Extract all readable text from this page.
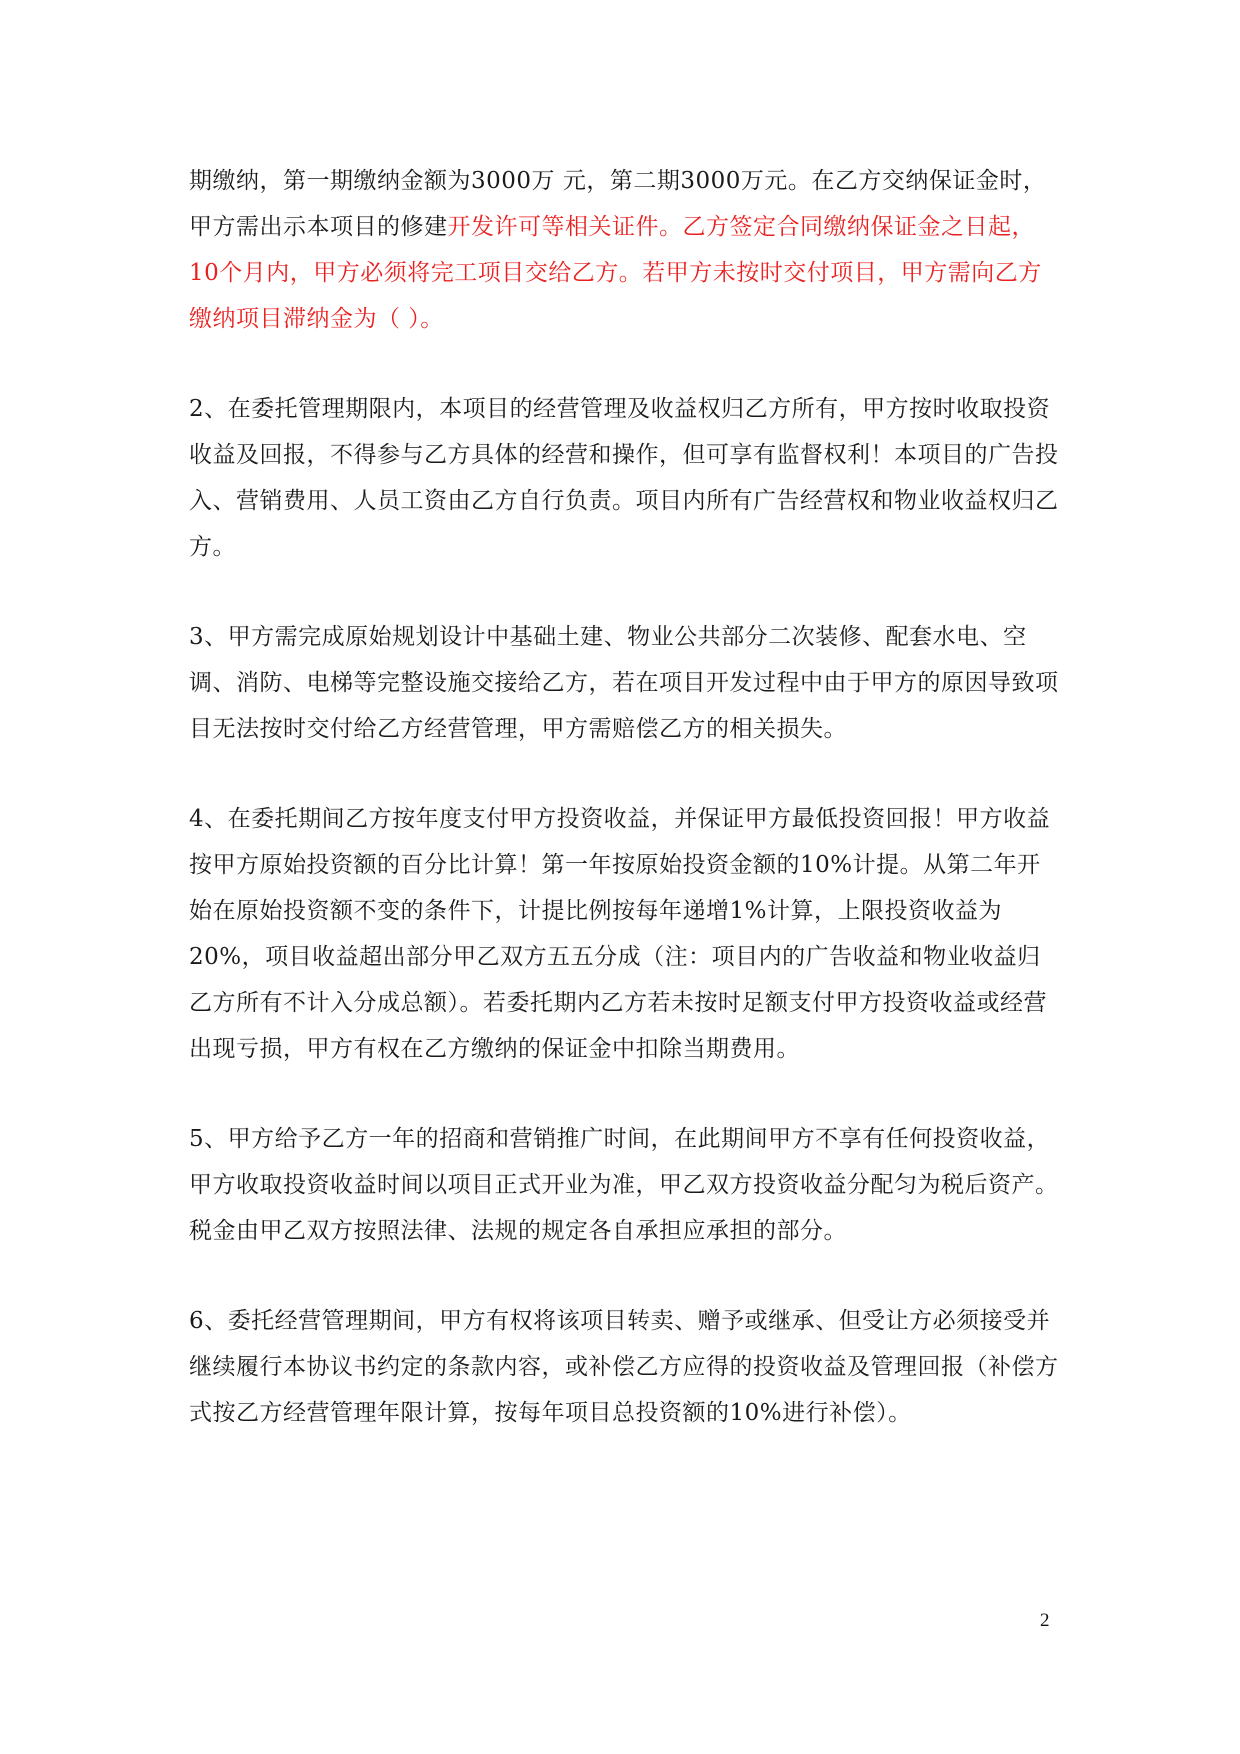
期缴纳，第一期缴纳金额为3000万 元，第二期3000万元。在乙方交纳保证金时，甲方需出示本项目的修建开发许可等相关证件。乙方签定合同缴纳保证金之日起，10个月内，甲方必须将完工项目交给乙方。若甲方未按时交付项目，甲方需向乙方缴纳项目滞纳金为（ ）。

2、在委托管理期限内，本项目的经营管理及收益权归乙方所有，甲方按时收取投资收益及回报，不得参与乙方具体的经营和操作，但可享有监督权利！本项目的广告投入、营销费用、人员工资由乙方自行负责。项目内所有广告经营权和物业收益权归乙方。

3、甲方需完成原始规划设计中基础土建、物业公共部分二次装修、配套水电、空调、消防、电梯等完整设施交接给乙方，若在项目开发过程中由于甲方的原因导致项目无法按时交付给乙方经营管理，甲方需赔偿乙方的相关损失。

4、在委托期间乙方按年度支付甲方投资收益，并保证甲方最低投资回报！甲方收益按甲方原始投资额的百分比计算！第一年按原始投资金额的10%计提。从第二年开始在原始投资额不变的条件下，计提比例按每年递增1%计算，上限投资收益为20%，项目收益超出部分甲乙双方五五分成（注：项目内的广告收益和物业收益归乙方所有不计入分成总额）。若委托期内乙方若未按时足额支付甲方投资收益或经营出现亏损，甲方有权在乙方缴纳的保证金中扣除当期费用。

5、甲方给予乙方一年的招商和营销推广时间，在此期间甲方不享有任何投资收益，甲方收取投资收益时间以项目正式开业为准，甲乙双方投资收益分配匀为税后资产。税金由甲乙双方按照法律、法规的规定各自承担应承担的部分。

6、委托经营管理期间，甲方有权将该项目转卖、赠予或继承、但受让方必须接受并继续履行本协议书约定的条款内容，或补偿乙方应得的投资收益及管理回报（补偿方式按乙方经营管理年限计算，按每年项目总投资额的10%进行补偿）。

2
